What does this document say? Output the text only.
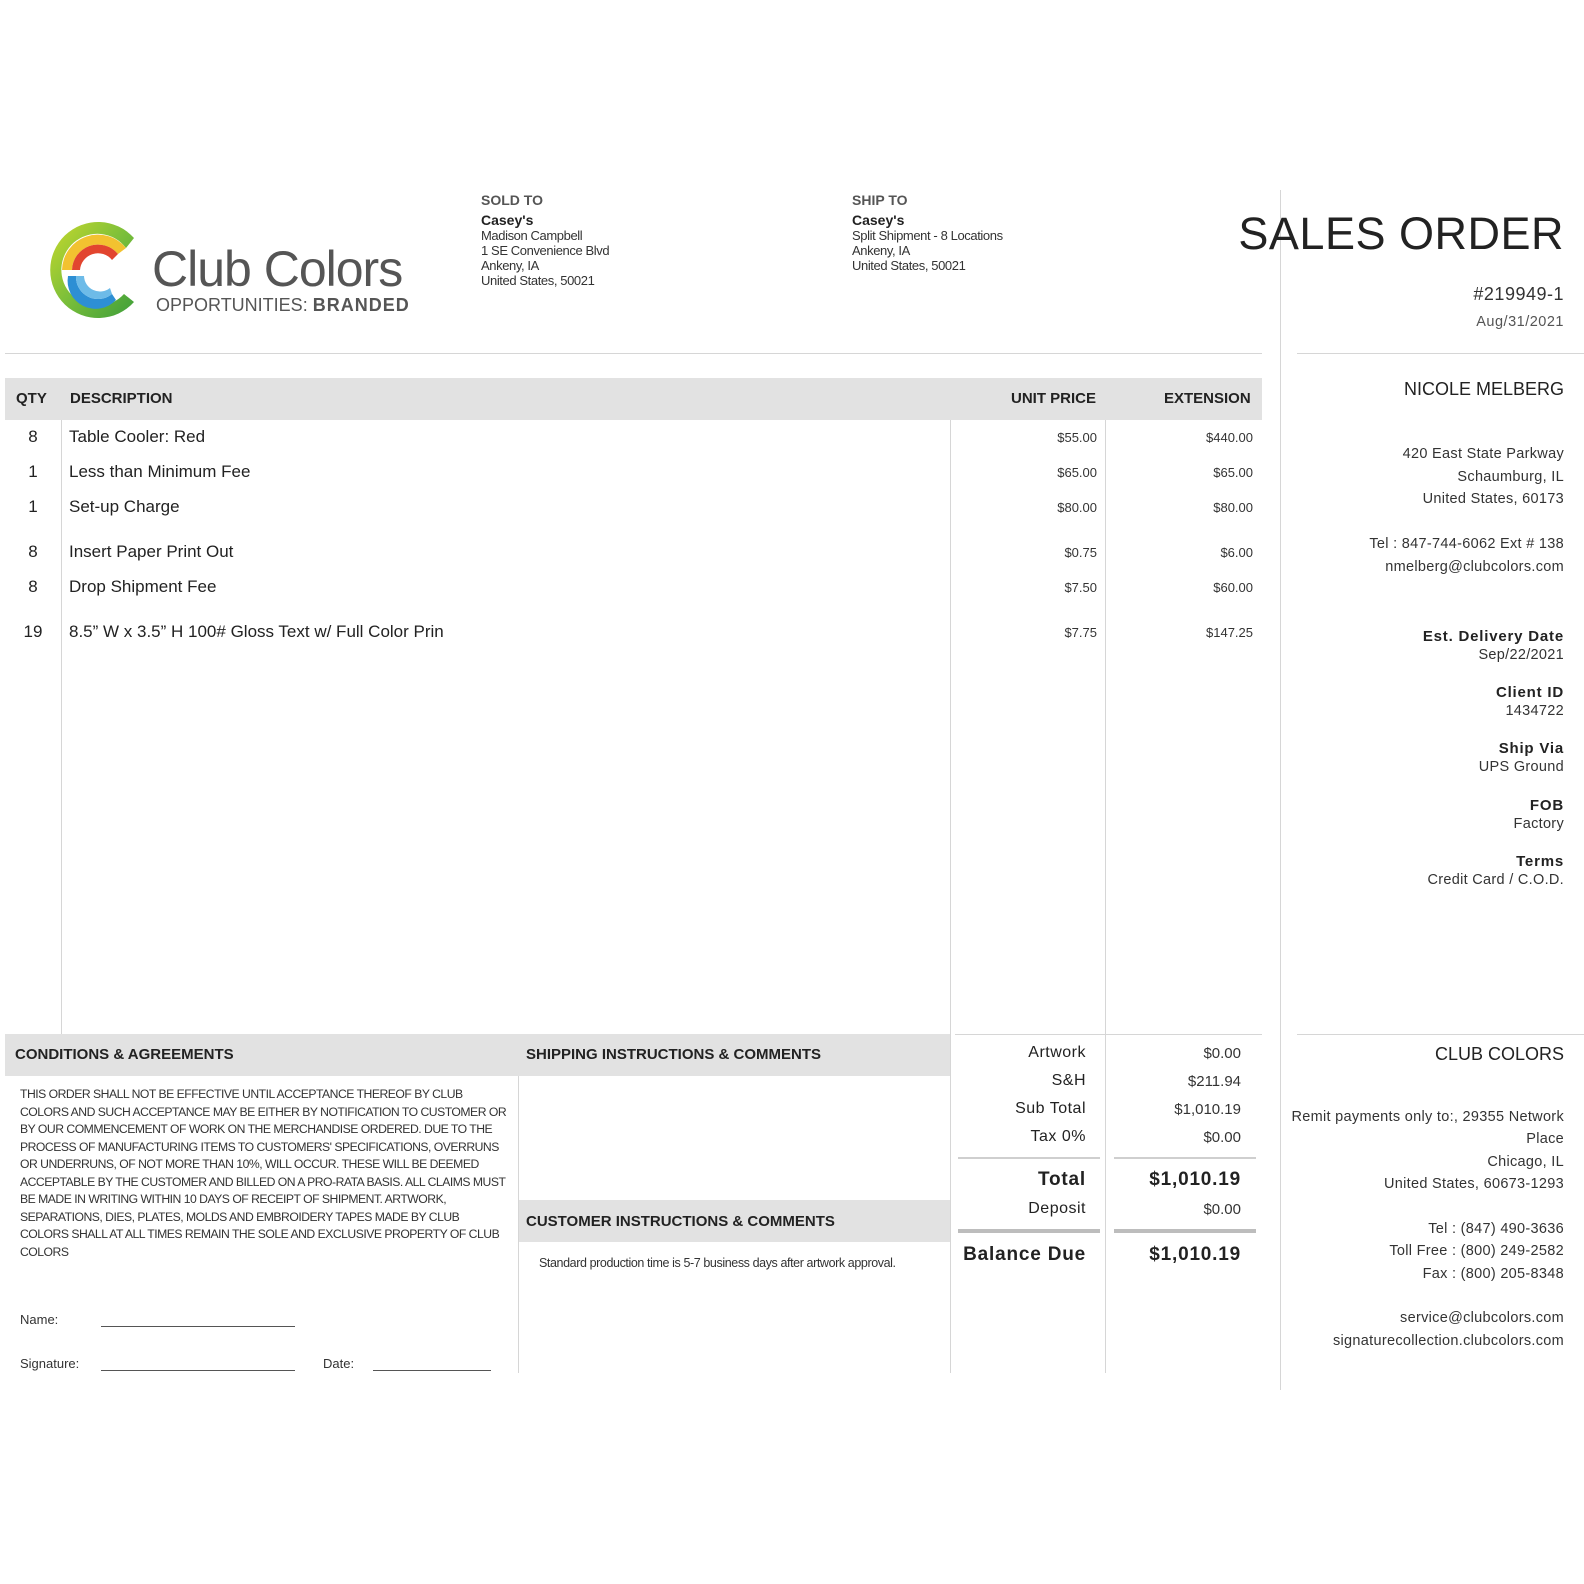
Club Colors
OPPORTUNITIES: BRANDED
SOLD TO
Casey's
Madison Campbell
1 SE Convenience Blvd
Ankeny, IA
United States, 50021
SHIP TO
Casey's
Split Shipment - 8 Locations
Ankeny, IA
United States, 50021
SALES ORDER
#219949-1
Aug/31/2021
NICOLE MELBERG
420 East State Parkway
Schaumburg, IL
United States, 60173
Tel : 847-744-6062 Ext # 138
nmelberg@clubcolors.com
Est. Delivery Date
Sep/22/2021
Client ID
1434722
Ship Via
UPS Ground
FOB
Factory
Terms
Credit Card / C.O.D.
CLUB COLORS
Remit payments only to:, 29355 Network
Place
Chicago, IL
United States, 60673-1293
Tel : (847) 490-3636
Toll Free : (800) 249-2582
Fax : (800) 205-8348
service@clubcolors.com
signaturecollection.clubcolors.com
QTY DESCRIPTION	UNIT PRICE	EXTENSION
8	Table Cooler: Red	$55.00	$440.00
1	Less than Minimum Fee	$65.00	$65.00
1	Set-up Charge	$80.00	$80.00
8	Insert Paper Print Out	$0.75	$6.00
8	Drop Shipment Fee	$7.50	$60.00
19	8.5” W x 3.5” H 100# Gloss Text w/ Full Color Prin	$7.75	$147.25
CONDITIONS & AGREEMENTS	SHIPPING INSTRUCTIONS & COMMENTS
THIS ORDER SHALL NOT BE EFFECTIVE UNTIL ACCEPTANCE THEREOF BY CLUB COLORS AND SUCH ACCEPTANCE MAY BE EITHER BY NOTIFICATION TO CUSTOMER OR BY OUR COMMENCEMENT OF WORK ON THE MERCHANDISE ORDERED. DUE TO THE PROCESS OF MANUFACTURING ITEMS TO CUSTOMERS' SPECIFICATIONS, OVERRUNS OR UNDERRUNS, OF NOT MORE THAN 10%, WILL OCCUR. THESE WILL BE DEEMED ACCEPTABLE BY THE CUSTOMER AND BILLED ON A PRO-RATA BASIS. ALL CLAIMS MUST BE MADE IN WRITING WITHIN 10 DAYS OF RECEIPT OF SHIPMENT. ARTWORK, SEPARATIONS, DIES, PLATES, MOLDS AND EMBROIDERY TAPES MADE BY CLUB COLORS SHALL AT ALL TIMES REMAIN THE SOLE AND EXCLUSIVE PROPERTY OF CLUB COLORS
Name:
Signature:	Date:
CUSTOMER INSTRUCTIONS & COMMENTS
Standard production time is 5-7 business days after artwork approval.
Artwork	$0.00
S&H	$211.94
Sub Total	$1,010.19
Tax 0%	$0.00
Total	$1,010.19
Deposit	$0.00
Balance Due	$1,010.19
